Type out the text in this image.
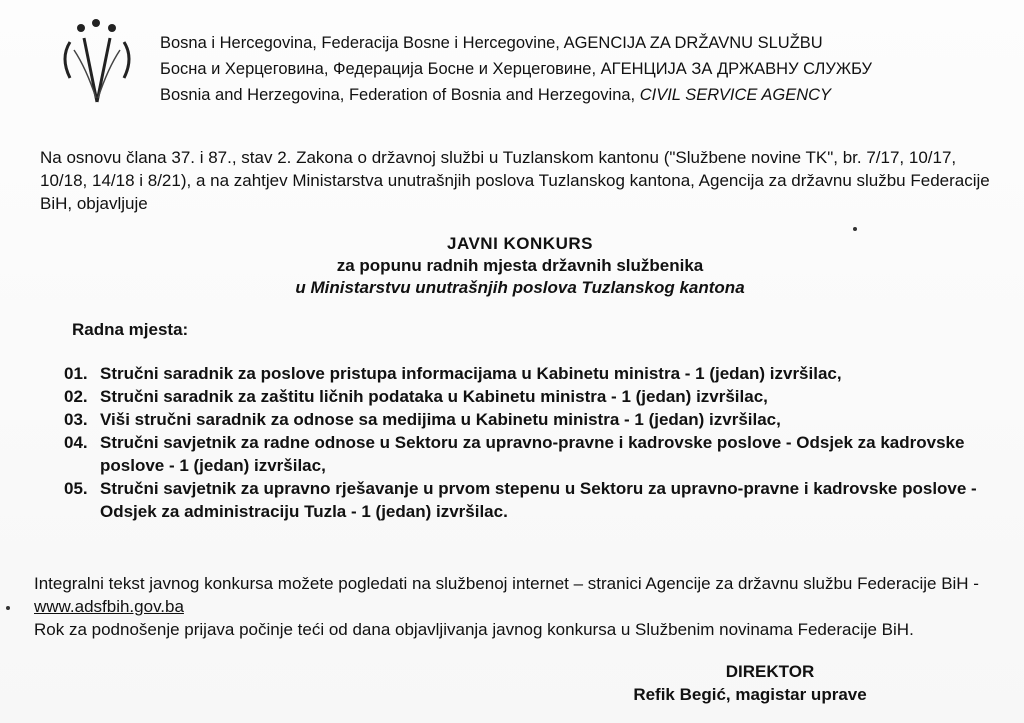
Bosna i Hercegovina, Federacija Bosne i Hercegovine, AGENCIJA ZA DRŽAVNU SLUŽBU
Босна и Херцеговина, Федерација Босне и Херцеговине, АГЕНЦИЈА ЗА ДРЖАВНУ СЛУЖБУ
Bosnia and Herzegovina, Federation of Bosnia and Herzegovina, CIVIL SERVICE AGENCY

Na osnovu člana 37. i 87., stav 2. Zakona o državnoj službi u Tuzlanskom kantonu ("Službene novine TK", br. 7/17, 10/17, 10/18, 14/18 i 8/21), a na zahtjev Ministarstva unutrašnjih poslova Tuzlanskog kantona, Agencija za državnu službu Federacije BiH, objavljuje

JAVNI KONKURS
za popunu radnih mjesta državnih službenika
u Ministarstvu unutrašnjih poslova Tuzlanskog kantona
Radna mjesta:
01. Stručni saradnik za poslove pristupa informacijama u Kabinetu ministra - 1 (jedan) izvršilac,
02. Stručni saradnik za zaštitu ličnih podataka u Kabinetu ministra - 1 (jedan) izvršilac,
03. Viši stručni saradnik za odnose sa medijima u Kabinetu ministra - 1 (jedan) izvršilac,
04. Stručni savjetnik za radne odnose u Sektoru za upravno-pravne i kadrovske poslove - Odsjek za kadrovske poslove - 1 (jedan) izvršilac,
05. Stručni savjetnik za upravno rješavanje u prvom stepenu u Sektoru za upravno-pravne i kadrovske poslove - Odsjek za administraciju Tuzla - 1 (jedan) izvršilac.

Integralni tekst javnog konkursa možete pogledati na službenoj internet – stranici Agencije za državnu službu Federacije BiH - www.adsfbih.gov.ba

Rok za podnošenje prijava počinje teći od dana objavljivanja javnog konkursa u Službenim novinama Federacije BiH.

DIREKTOR
Refik Begić, magistar uprave
